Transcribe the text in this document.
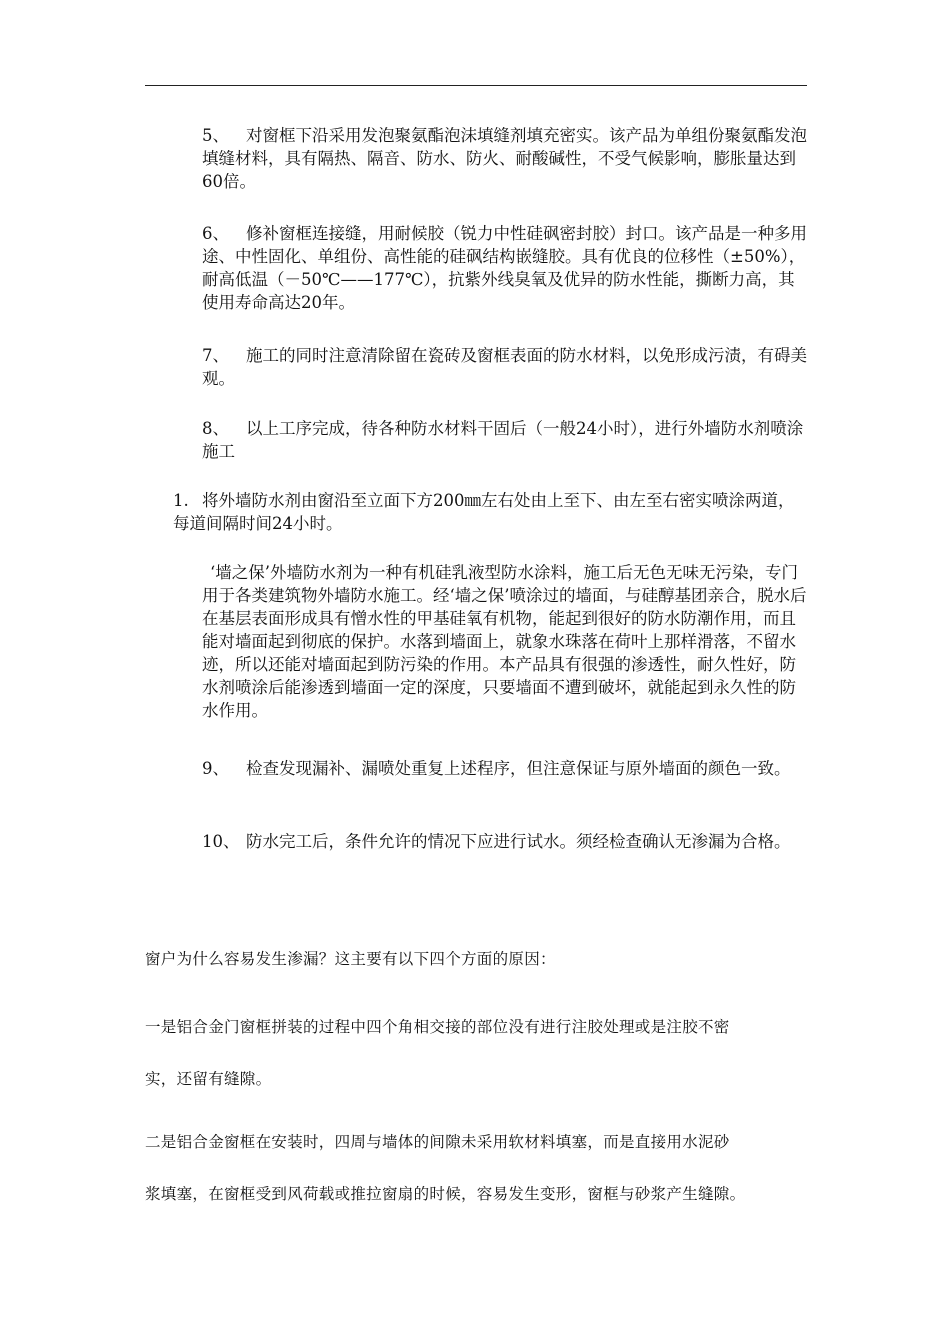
5、 对窗框下沿采用发泡聚氨酯泡沫填缝剂填充密实。该产品为单组份聚氨酯发泡填缝材料，具有隔热、隔音、防水、防火、耐酸碱性，不受气候影响，膨胀量达到60倍。

6、 修补窗框连接缝，用耐候胶（锐力中性硅砜密封胶）封口。该产品是一种多用途、中性固化、单组份、高性能的硅砜结构嵌缝胶。具有优良的位移性（±50%），耐高低温（－50℃——177℃），抗紫外线臭氧及优异的防水性能，撕断力高，其使用寿命高达20年。

7、 施工的同时注意清除留在瓷砖及窗框表面的防水材料，以免形成污渍，有碍美观。

8、 以上工序完成，待各种防水材料干固后（一般24小时），进行外墙防水剂喷涂施工

1. 将外墙防水剂由窗沿至立面下方200㎜左右处由上至下、由左至右密实喷涂两道，每道间隔时间24小时。

‘墙之保’外墙防水剂为一种有机硅乳液型防水涂料，施工后无色无味无污染，专门用于各类建筑物外墙防水施工。经‘墙之保’喷涂过的墙面，与硅醇基团亲合，脱水后在基层表面形成具有憎水性的甲基硅氧有机物，能起到很好的防水防潮作用，而且能对墙面起到彻底的保护。水落到墙面上，就象水珠落在荷叶上那样滑落，不留水迹，所以还能对墙面起到防污染的作用。本产品具有很强的渗透性，耐久性好，防水剂喷涂后能渗透到墙面一定的深度，只要墙面不遭到破坏，就能起到永久性的防水作用。

9、 检查发现漏补、漏喷处重复上述程序，但注意保证与原外墙面的颜色一致。

10、 防水完工后，条件允许的情况下应进行试水。须经检查确认无渗漏为合格。

窗户为什么容易发生渗漏？这主要有以下四个方面的原因：

一是铝合金门窗框拼装的过程中四个角相交接的部位没有进行注胶处理或是注胶不密

实，还留有缝隙。

二是铝合金窗框在安装时，四周与墙体的间隙未采用软材料填塞，而是直接用水泥砂

浆填塞，在窗框受到风荷载或推拉窗扇的时候，容易发生变形，窗框与砂浆产生缝隙。
